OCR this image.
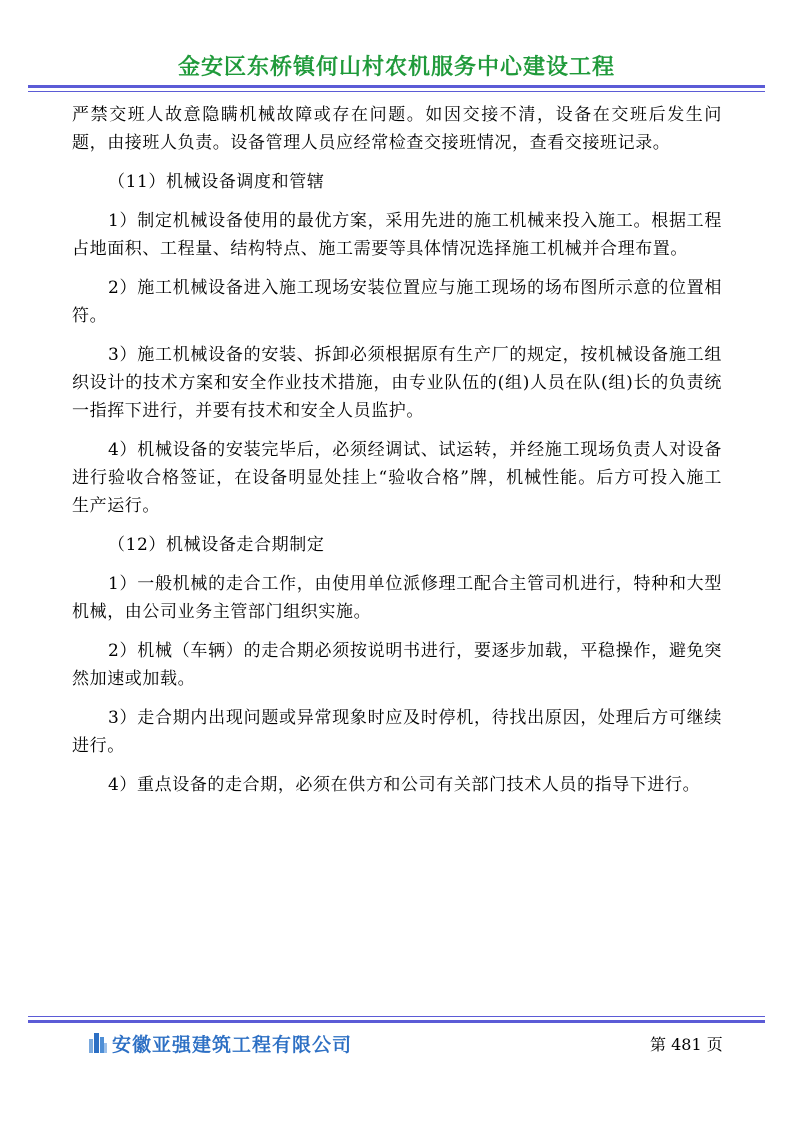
金安区东桥镇何山村农机服务中心建设工程

严禁交班人故意隐瞒机械故障或存在问题。如因交接不清，设备在交班后发生问题，由接班人负责。设备管理人员应经常检查交接班情况，查看交接班记录。

（11）机械设备调度和管辖

1）制定机械设备使用的最优方案，采用先进的施工机械来投入施工。根据工程占地面积、工程量、结构特点、施工需要等具体情况选择施工机械并合理布置。

2）施工机械设备进入施工现场安装位置应与施工现场的场布图所示意的位置相符。

3）施工机械设备的安装、拆卸必须根据原有生产厂的规定，按机械设备施工组织设计的技术方案和安全作业技术措施，由专业队伍的(组)人员在队(组)长的负责统一指挥下进行，并要有技术和安全人员监护。

4）机械设备的安装完毕后，必须经调试、试运转，并经施工现场负责人对设备进行验收合格签证，在设备明显处挂上“验收合格”牌，机械性能。后方可投入施工生产运行。

（12）机械设备走合期制定

1）一般机械的走合工作，由使用单位派修理工配合主管司机进行，特种和大型机械，由公司业务主管部门组织实施。

2）机械（车辆）的走合期必须按说明书进行，要逐步加载，平稳操作，避免突然加速或加载。

3）走合期内出现问题或异常现象时应及时停机，待找出原因，处理后方可继续进行。

4）重点设备的走合期，必须在供方和公司有关部门技术人员的指导下进行。

安徽亚强建筑工程有限公司	第 481 页
